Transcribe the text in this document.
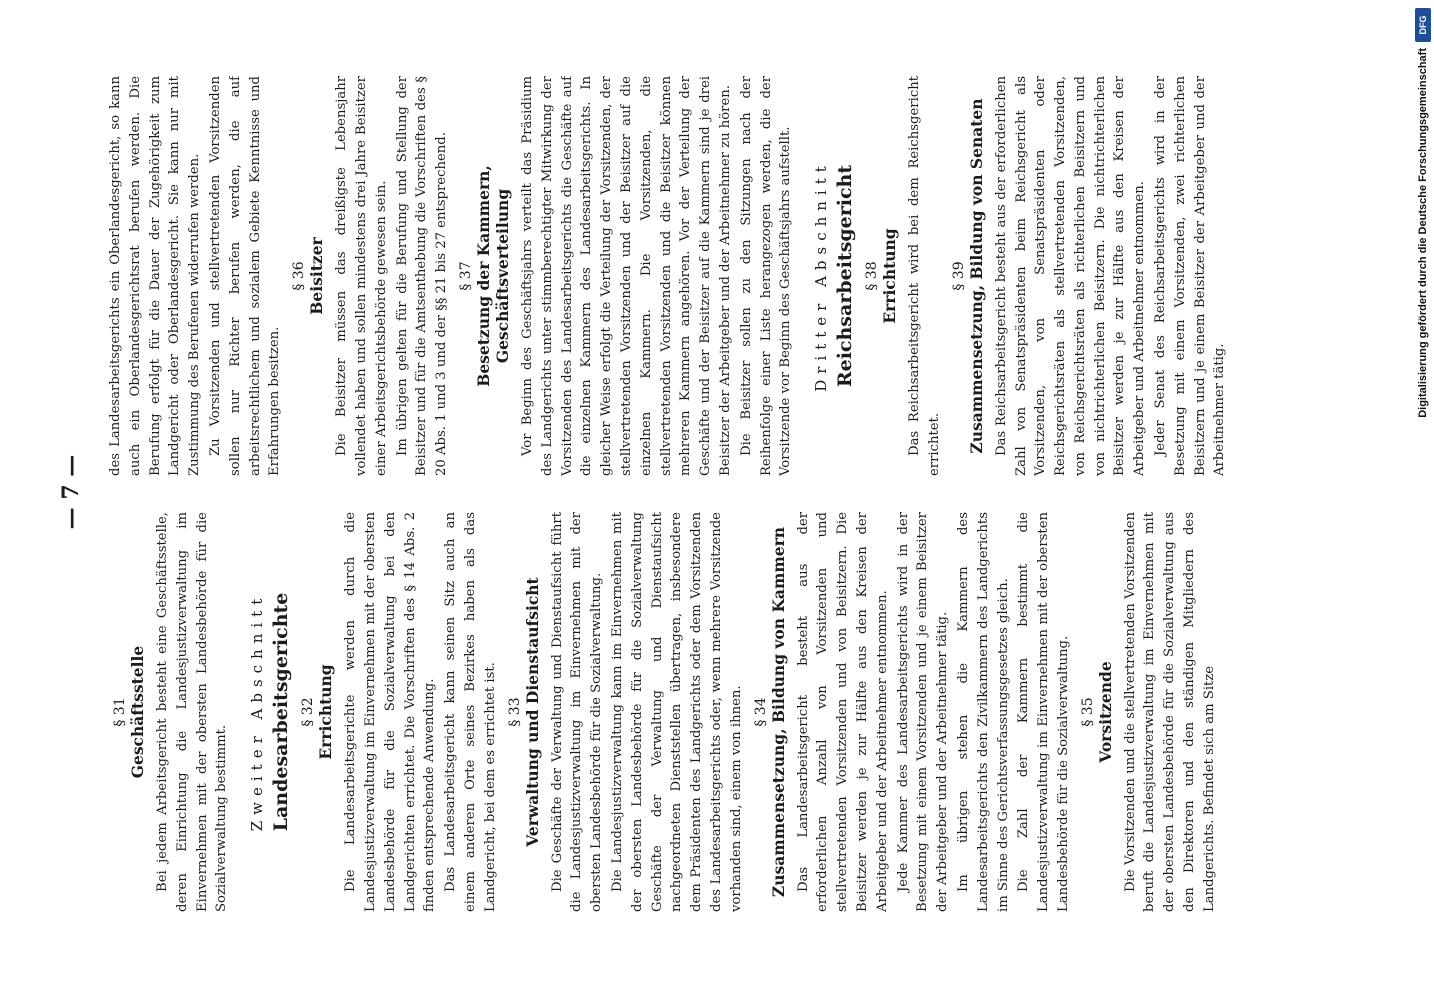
— 7 —
§ 31 Geschäftsstelle Bei jedem Arbeitsgericht besteht eine Geschäftsstelle, deren Einrichtung die Landesjustizverwaltung im Einvernehmen mit der obersten Landesbehörde für die Sozialverwaltung bestimmt. Zweiter Abschnitt Landesarbeitsgerichte § 32 Errichtung Die Landesarbeitsgerichte werden durch die Landesjustizverwaltung im Einvernehmen mit der obersten Landesbehörde für die Sozialverwaltung bei den Landgerichten errichtet. Die Vorschriften des § 14 Abs. 2 finden entsprechende Anwendung. Das Landesarbeitsgericht kann seinen Sitz auch an einem anderen Orte seines Bezirkes haben als das Landgericht, bei dem es errichtet ist. § 33 Verwaltung und Dienstaufsicht Die Geschäfte der Verwaltung und Dienstaufsicht führt die Landesjustizverwaltung im Einvernehmen mit der obersten Landesbehörde für die Sozialverwaltung. Die Landesjustizverwaltung kann im Einvernehmen mit der obersten Landesbehörde für die Sozialverwaltung Geschäfte der Verwaltung und Dienstaufsicht nachgeordneten Dienststellen übertragen, insbesondere dem Präsidenten des Landgerichts oder dem Vorsitzenden des Landesarbeitsgerichts oder, wenn mehrere Vorsitzende vorhanden sind, einem von ihnen. § 34 Zusammensetzung, Bildung von Kammern Das Landesarbeitsgericht besteht aus der erforderlichen Anzahl von Vorsitzenden und stellvertretenden Vorsitzenden und von Beisitzern. Die Beisitzer werden je zur Hälfte aus den Kreisen der Arbeitgeber und der Arbeitnehmer entnommen. Jede Kammer des Landesarbeitsgerichts wird in der Besetzung mit einem Vorsitzenden und je einem Beisitzer der Arbeitgeber und der Arbeitnehmer tätig. Im übrigen stehen die Kammern des Landesarbeitsgerichts den Zivilkammern des Landgerichts im Sinne des Gerichtsverfassungsgesetzes gleich. Die Zahl der Kammern bestimmt die Landesjustizverwaltung im Einvernehmen mit der obersten Landesbehörde für die Sozialverwaltung. § 35 Vorsitzende Die Vorsitzenden und die stellvertretenden Vorsitzenden beruft die Landesjustizverwaltung im Einvernehmen mit der obersten Landesbehörde für die Sozialverwaltung aus den Direktoren und den ständigen Mitgliedern des Landgerichts. Befindet sich am Sitze

des Landesarbeitsgerichts ein Oberlandesgericht, so kann auch ein Oberlandesgerichtsrat berufen werden. Die Berufung erfolgt für die Dauer der Zugehörigkeit zum Landgericht oder Oberlandesgericht. Sie kann nur mit Zustimmung des Berufenen widerrufen werden. Zu Vorsitzenden und stellvertretenden Vorsitzenden sollen nur Richter berufen werden, die auf arbeitsrechtlichem und sozialem Gebiete Kenntnisse und Erfahrungen besitzen.

§ 36 Beisitzer Die Beisitzer müssen das dreißigste Lebensjahr vollendet haben und sollen mindestens drei Jahre Beisitzer einer Arbeitsgerichtsbehörde gewesen sein. Im übrigen gelten für die Berufung und Stellung der Beisitzer und für die Amtsenthebung die Vorschriften des § 20 Abs. 1 und 3 und der §§ 21 bis 27 entsprechend. § 37 Besetzung der Kammern, Geschäftsverteilung Vor Beginn des Geschäftsjahrs verteilt das Präsidium des Landgerichts unter stimmberechtigter Mitwirkung der Vorsitzenden des Landesarbeitsgerichts die Geschäfte auf die einzelnen Kammern des Landesarbeitsgerichts. In gleicher Weise erfolgt die Verteilung der Vorsitzenden, der stellvertretenden Vorsitzenden und der Beisitzer auf die einzelnen Kammern. Die Vorsitzenden, die stellvertretenden Vorsitzenden und die Beisitzer können mehreren Kammern angehören. Vor der Verteilung der Geschäfte und der Beisitzer auf die Kammern sind je drei Beisitzer der Arbeitgeber und der Arbeitnehmer zu hören. Die Beisitzer sollen zu den Sitzungen nach der Reihenfolge einer Liste herangezogen werden, die der Vorsitzende vor Beginn des Geschäftsjahrs aufstellt. Dritter Abschnitt Reichsarbeitsgericht § 38 Errichtung Das Reichsarbeitsgericht wird bei dem Reichsgericht errichtet.

§ 39 Zusammensetzung, Bildung von Senaten Das Reichsarbeitsgericht besteht aus der erforderlichen Zahl von Senatspräsidenten beim Reichsgericht als Vorsitzenden, von Senatspräsidenten oder Reichsgerichtsräten als stellvertretenden Vorsitzenden, von Reichsgerichtsräten als richterlichen Beisitzern und von nichtrichterlichen Beisitzern. Die nichtrichterlichen Beisitzer werden je zur Hälfte aus den Kreisen der Arbeitgeber und Arbeitnehmer entnommen. Jeder Senat des Reichsarbeitsgerichts wird in der Besetzung mit einem Vorsitzenden, zwei richterlichen Beisitzern und je einem Beisitzer der Arbeitgeber und der Arbeitnehmer tätig.	Digitalisierung gefördert durch die Deutsche Forschungsgemeinschaft
DFG
